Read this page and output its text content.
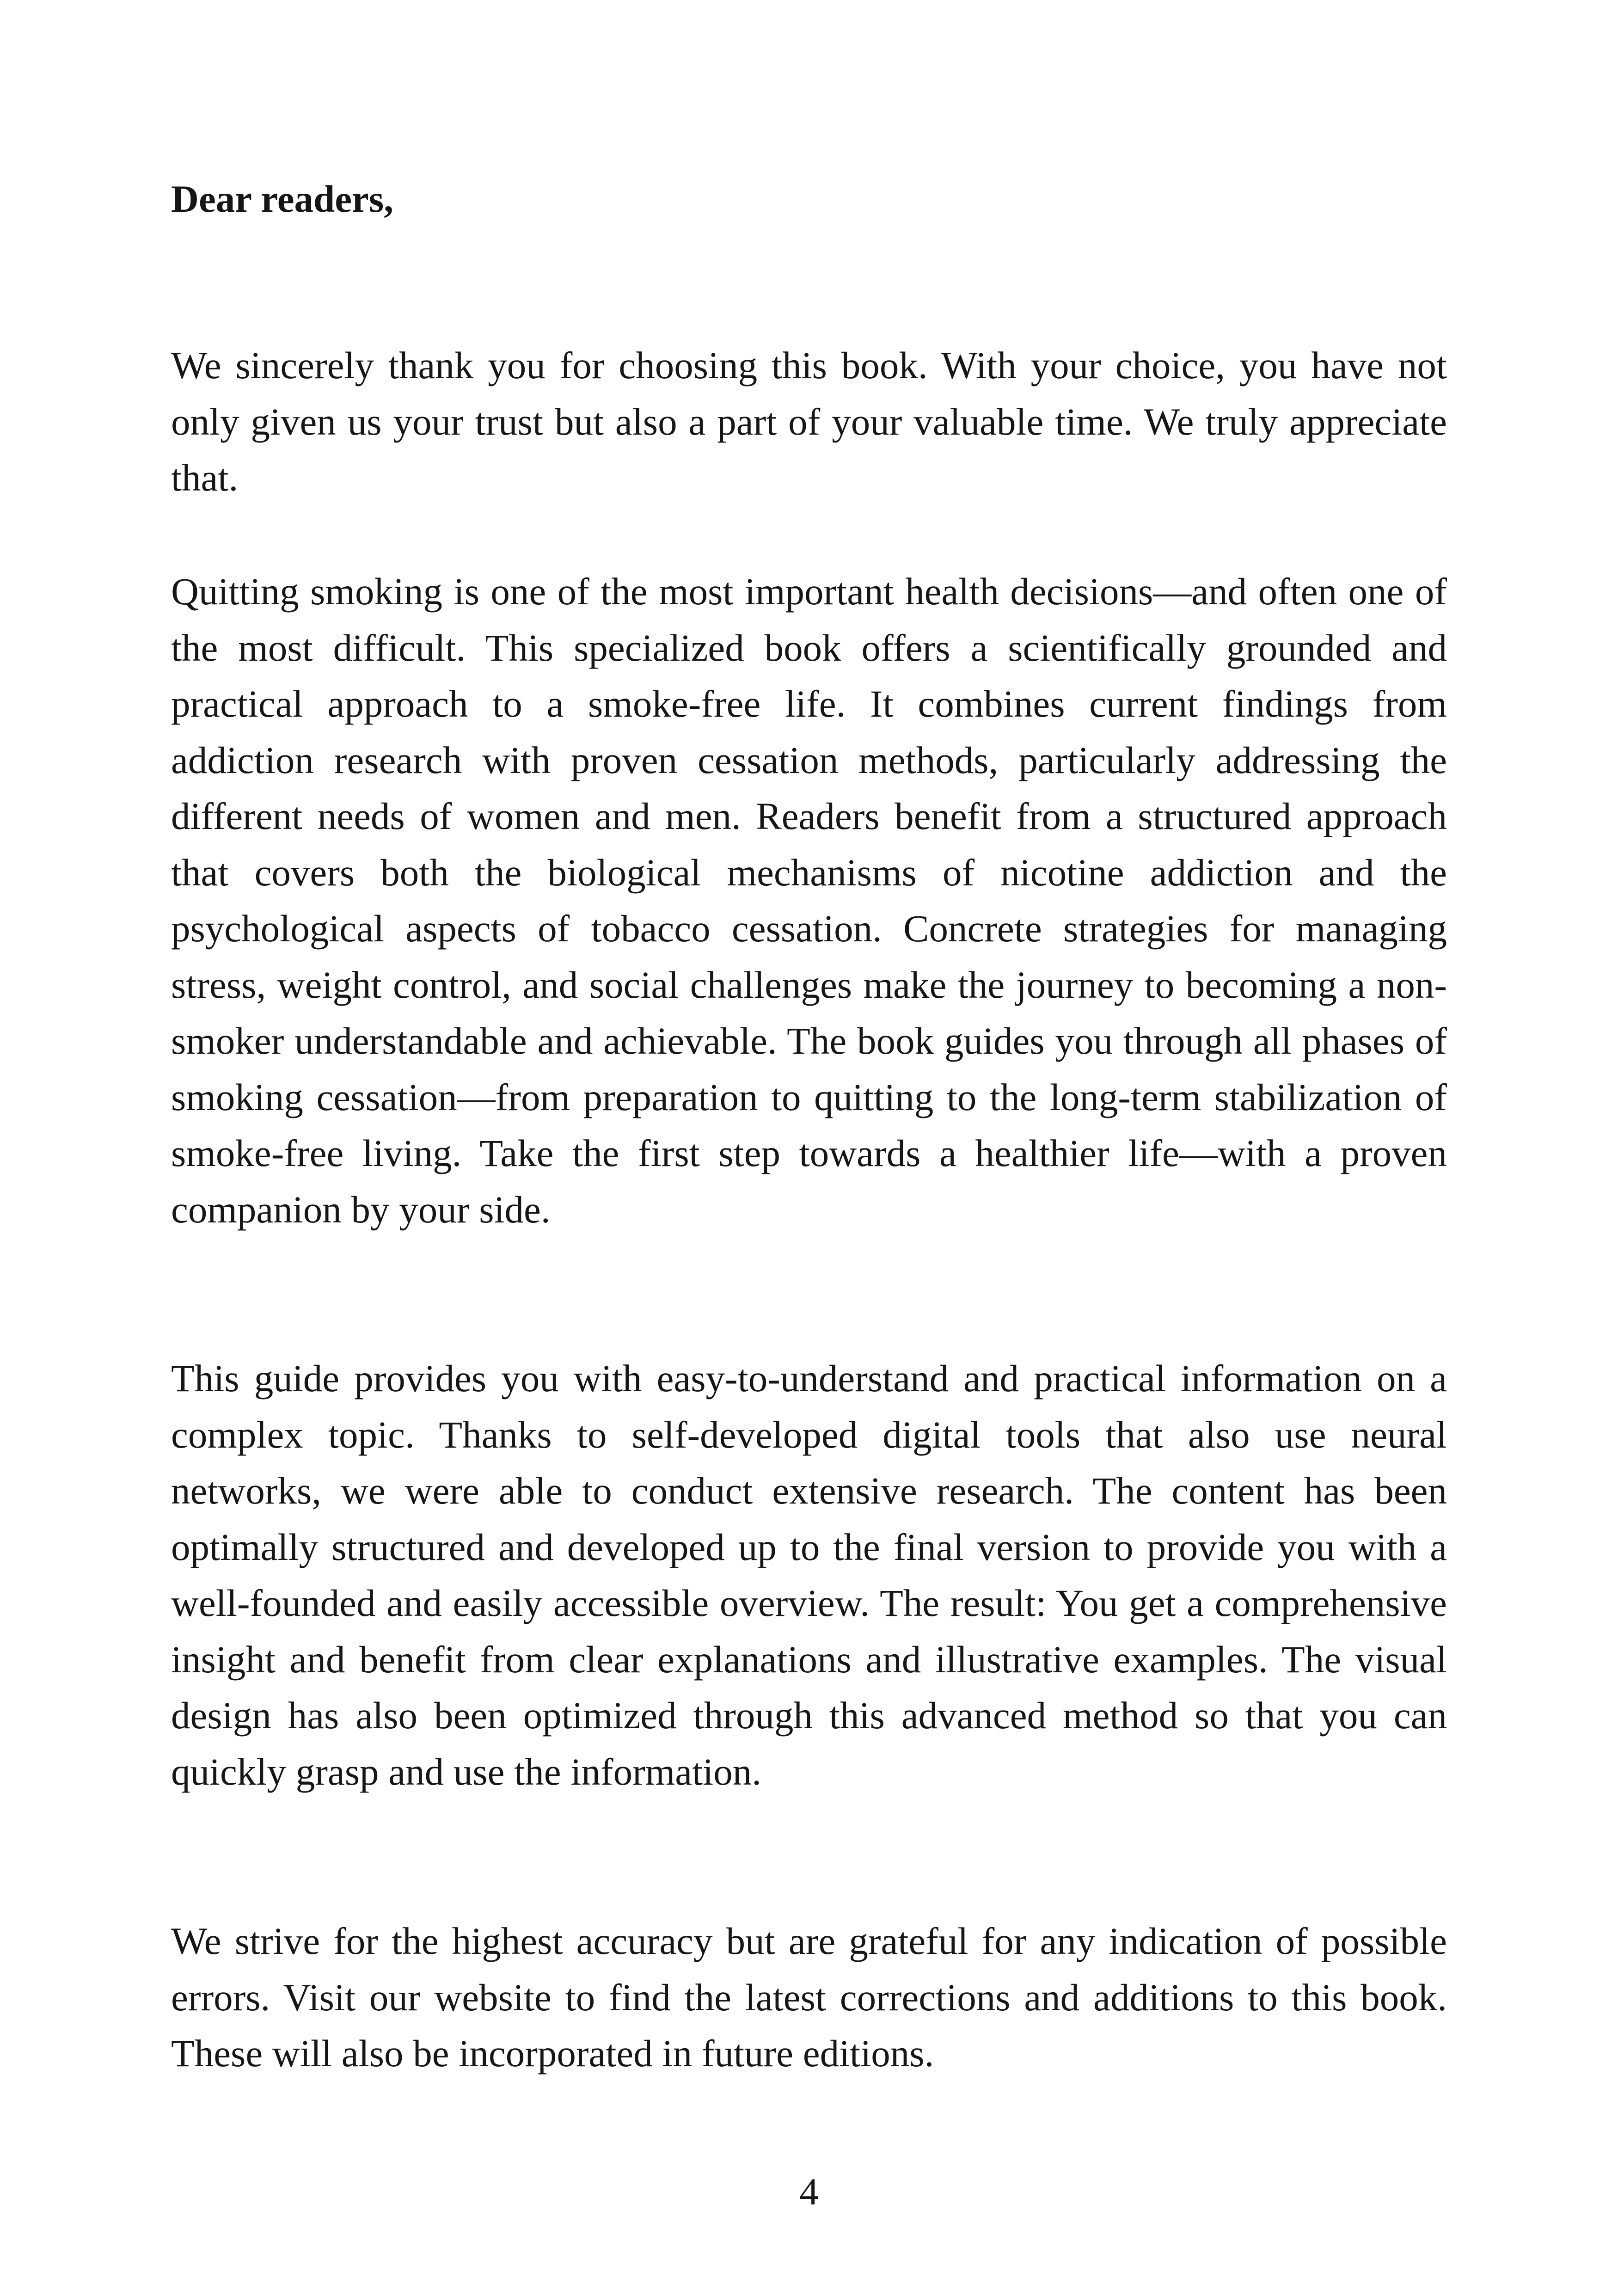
Dear readers,

We sincerely thank you for choosing this book. With your choice, you have not only given us your trust but also a part of your valuable time. We truly appreciate that.

Quitting smoking is one of the most important health decisions—and often one of the most difficult. This specialized book offers a scientifically grounded and practical approach to a smoke-free life. It combines current findings from addiction research with proven cessation methods, particularly addressing the different needs of women and men. Readers benefit from a structured approach that covers both the biological mechanisms of nicotine addiction and the psychological aspects of tobacco cessation. Concrete strategies for managing stress, weight control, and social challenges make the journey to becoming a non-smoker understandable and achievable. The book guides you through all phases of smoking cessation—from preparation to quitting to the long-term stabilization of smoke-free living. Take the first step towards a healthier life—with a proven companion by your side.

This guide provides you with easy-to-understand and practical information on a complex topic. Thanks to self-developed digital tools that also use neural networks, we were able to conduct extensive research. The content has been optimally structured and developed up to the final version to provide you with a well-founded and easily accessible overview. The result: You get a comprehensive insight and benefit from clear explanations and illustrative examples. The visual design has also been optimized through this advanced method so that you can quickly grasp and use the information.

We strive for the highest accuracy but are grateful for any indication of possible errors. Visit our website to find the latest corrections and additions to this book. These will also be incorporated in future editions.

4
